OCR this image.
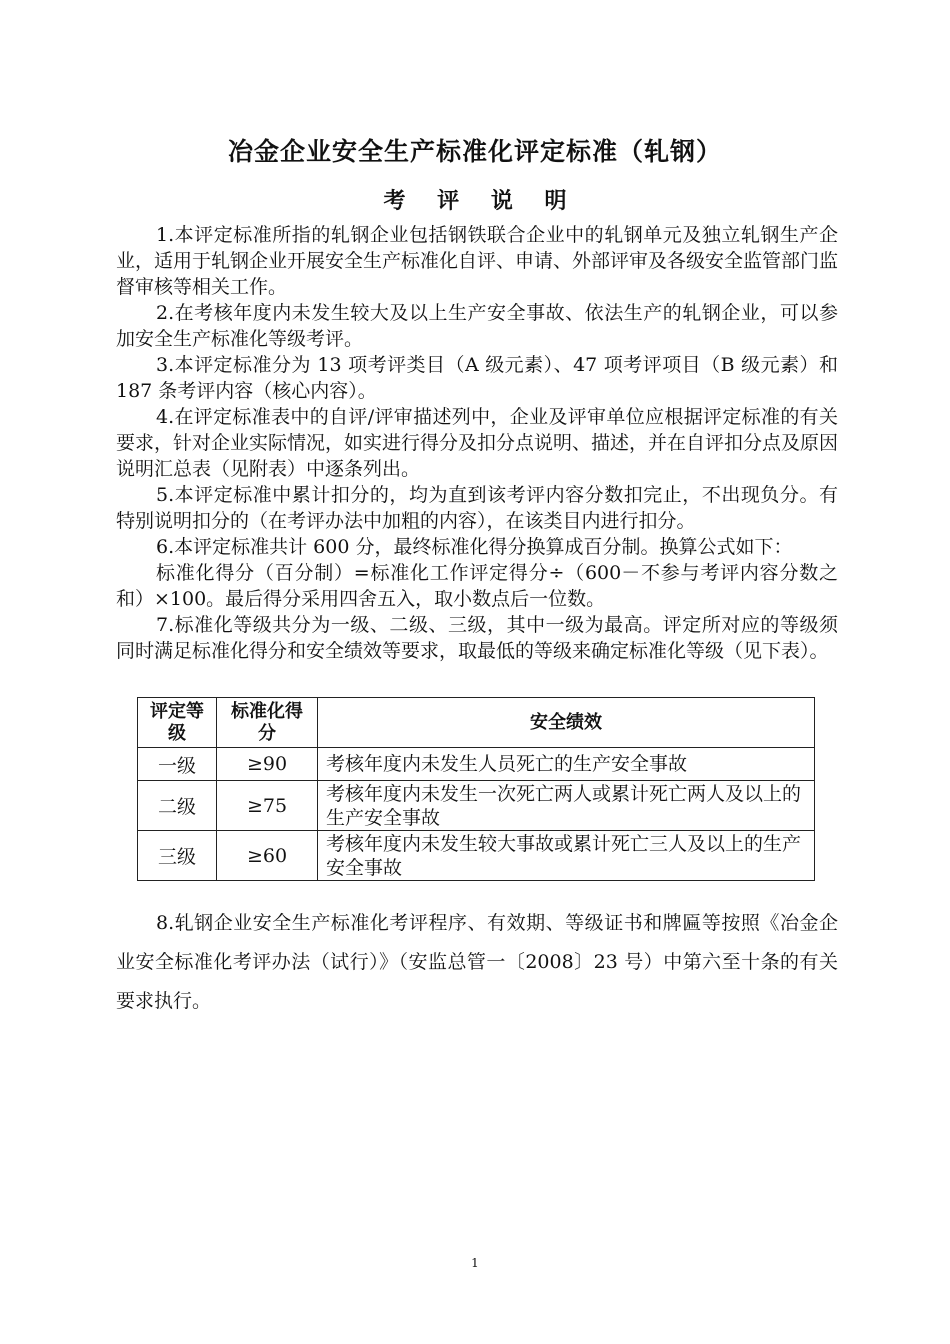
冶金企业安全生产标准化评定标准（轧钢）
考 评 说 明

1.本评定标准所指的轧钢企业包括钢铁联合企业中的轧钢单元及独立轧钢生产企业，适用于轧钢企业开展安全生产标准化自评、申请、外部评审及各级安全监管部门监督审核等相关工作。

2.在考核年度内未发生较大及以上生产安全事故、依法生产的轧钢企业，可以参加安全生产标准化等级考评。

3.本评定标准分为 13 项考评类目（A 级元素）、47 项考评项目（B 级元素）和 187 条考评内容（核心内容）。

4.在评定标准表中的自评/评审描述列中，企业及评审单位应根据评定标准的有关要求，针对企业实际情况，如实进行得分及扣分点说明、描述，并在自评扣分点及原因说明汇总表（见附表）中逐条列出。

5.本评定标准中累计扣分的，均为直到该考评内容分数扣完止，不出现负分。有特别说明扣分的（在考评办法中加粗的内容），在该类目内进行扣分。

6.本评定标准共计 600 分，最终标准化得分换算成百分制。换算公式如下：

标准化得分（百分制）=标准化工作评定得分÷（600－不参与考评内容分数之和）×100。最后得分采用四舍五入，取小数点后一位数。

7.标准化等级共分为一级、二级、三级，其中一级为最高。评定所对应的等级须同时满足标准化得分和安全绩效等要求，取最低的等级来确定标准化等级（见下表）。

评定等级	标准化得分	安全绩效
一级	≥90	考核年度内未发生人员死亡的生产安全事故
二级	≥75	考核年度内未发生一次死亡两人或累计死亡两人及以上的生产安全事故
三级	≥60	考核年度内未发生较大事故或累计死亡三人及以上的生产安全事故

8.轧钢企业安全生产标准化考评程序、有效期、等级证书和牌匾等按照《冶金企业安全标准化考评办法（试行）》（安监总管一〔2008〕23 号）中第六至十条的有关要求执行。

1
